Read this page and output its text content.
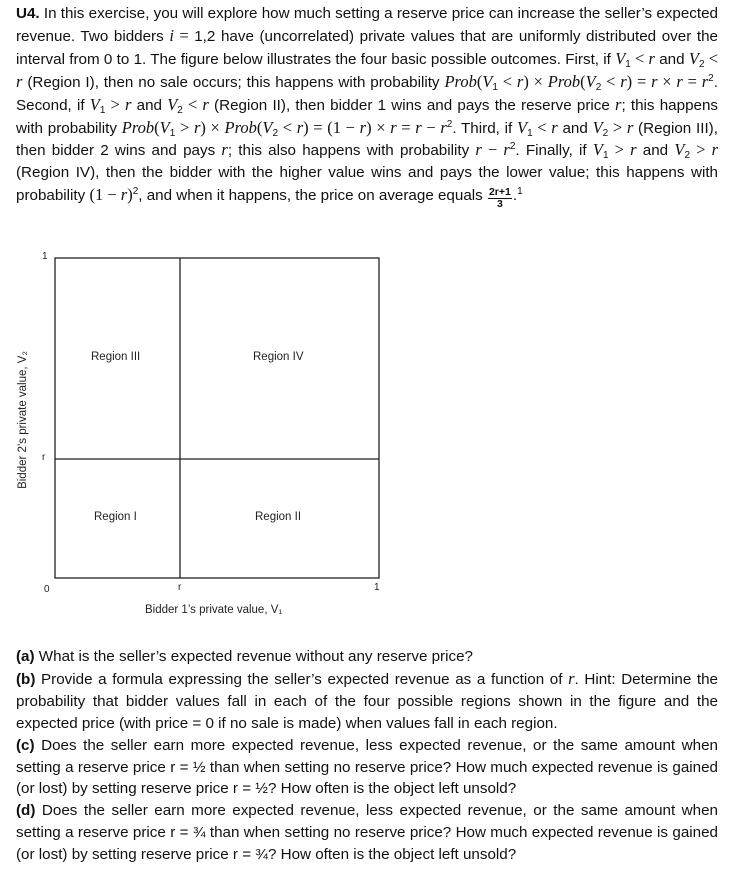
U4. In this exercise, you will explore how much setting a reserve price can increase the seller’s expected revenue. Two bidders i = 1,2 have (uncorrelated) private values that are uniformly distributed over the interval from 0 to 1. The figure below illustrates the four basic possible outcomes. First, if $V_1 < r$ and $V_2 < r$ (Region I), then no sale occurs; this happens with probability $Prob(V_1 < r)$ × $Prob(V_2 < r) = r \times r = r^2$. Second, if $V_1 > r$ and $V_2 < r$ (Region II), then bidder 1 wins and pays the reserve price r; this happens with probability $Prob(V_1 > r)$ × $Prob(V_2 < r) = (1 - r) \times r = r - r^2$. Third, if $V_1 < r$ and $V_2 > r$ (Region III), then bidder 2 wins and pays r; this also happens with probability $r - r^2$. Finally, if $V_1 > r$ and $V_2 > r$ (Region IV), then the bidder with the higher value wins and pays the lower value; this happens with probability $(1 - r)^2$, and when it happens, the price on average equals $\frac{2r+1}{3} .^1$

Bidder 2’s private value, V₂
1
r
0	r	1
Region III	Region IV
Region I	Region II
Bidder 1’s private value, V₁
(a) What is the seller’s expected revenue without any reserve price?
(b) Provide a formula expressing the seller’s expected revenue as a function of r. Hint: Determine the probability that bidder values fall in each of the four possible regions shown in the figure and the expected price (with price = 0 if no sale is made) when values fall in each region.
(c) Does the seller earn more expected revenue, less expected revenue, or the same amount when setting a reserve price r = ½ than when setting no reserve price? How much expected revenue is gained (or lost) by setting reserve price r = ½? How often is the object left unsold?
(d) Does the seller earn more expected revenue, less expected revenue, or the same amount when setting a reserve price r = ¾ than when setting no reserve price? How much expected revenue is gained (or lost) by setting reserve price r = ¾? How often is the object left unsold?
